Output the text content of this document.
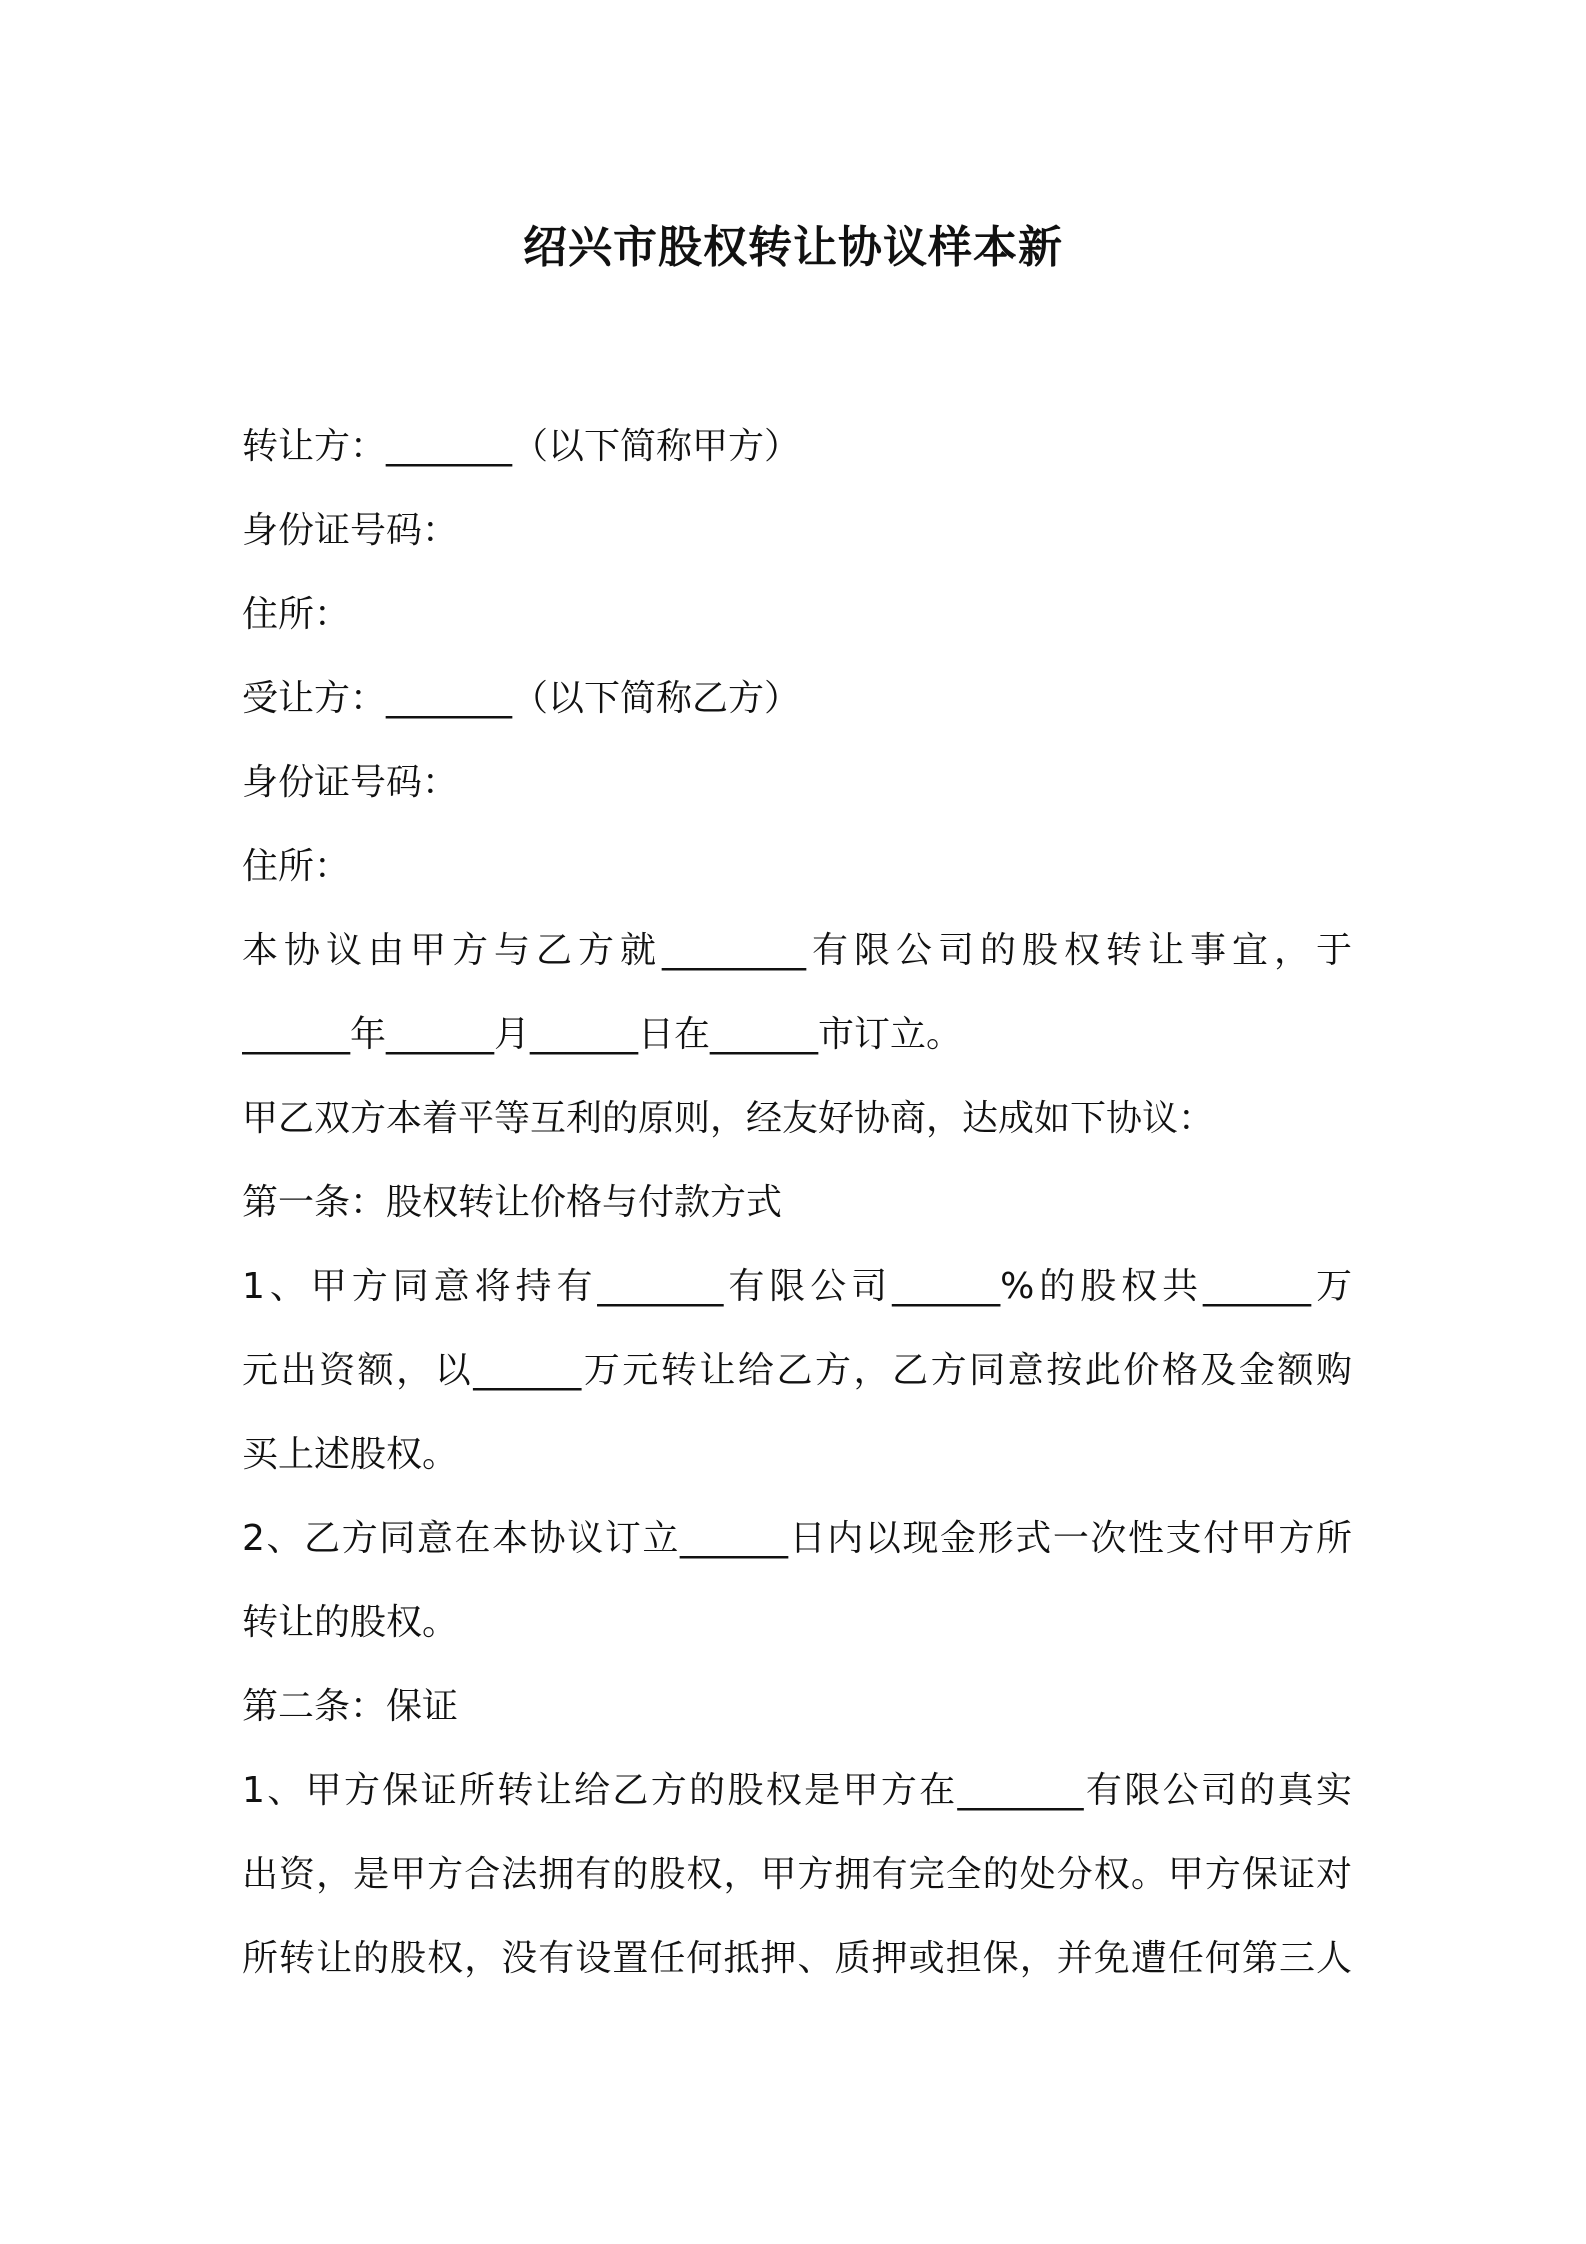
绍兴市股权转让协议样本新
转让方：_______（以下简称甲方）
身份证号码：
住所：
受让方：_______（以下简称乙方）
身份证号码：
住所：
本协议由甲方与乙方就________有限公司的股权转让事宜，于
______年______月______日在______市订立。
甲乙双方本着平等互利的原则，经友好协商，达成如下协议：
第一条：股权转让价格与付款方式
1、甲方同意将持有_______有限公司______%的股权共______万
元出资额，以______万元转让给乙方，乙方同意按此价格及金额购
买上述股权。
2、乙方同意在本协议订立______日内以现金形式一次性支付甲方所
转让的股权。
第二条：保证
1、甲方保证所转让给乙方的股权是甲方在_______有限公司的真实
出资，是甲方合法拥有的股权，甲方拥有完全的处分权。甲方保证对
所转让的股权，没有设置任何抵押、质押或担保，并免遭任何第三人
